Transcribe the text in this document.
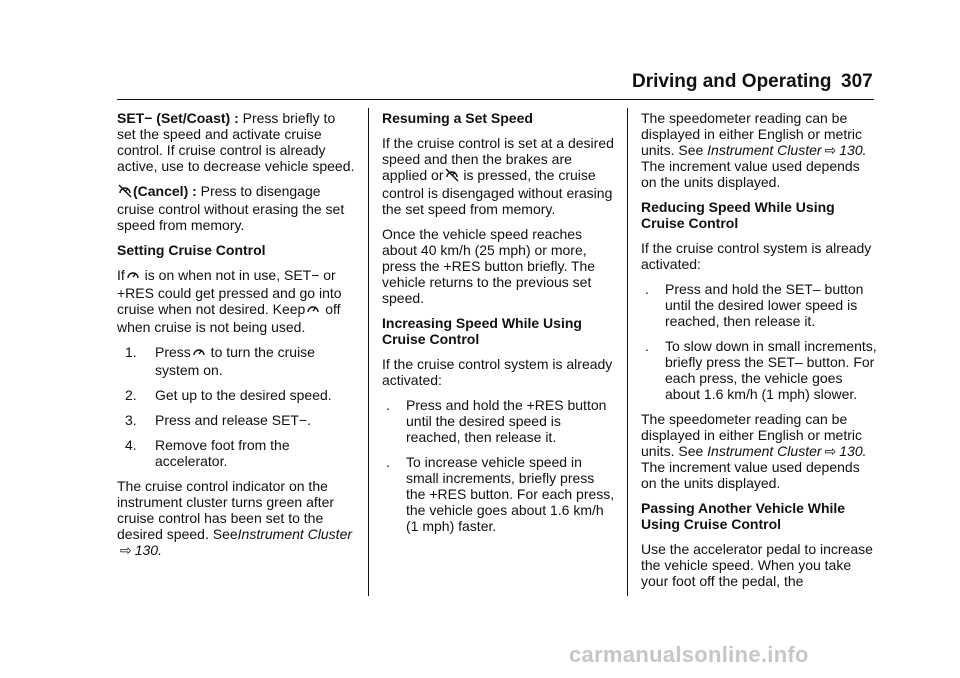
Driving and Operating 307

SET− (Set/Coast) : Press briefly to set the speed and activate cruise control. If cruise control is already active, use to decrease vehicle speed.

(Cancel) : Press to disengage cruise control without erasing the set speed from memory.

Setting Cruise Control

If is on when not in use, SET− or +RES could get pressed and go into cruise when not desired. Keep off when cruise is not being used.

1. Press to turn the cruise system on.
2. Get up to the desired speed.
3. Press and release SET−.
4. Remove foot from the accelerator.

The cruise control indicator on the instrument cluster turns green after cruise control has been set to the desired speed. SeeInstrument Cluster⇨ 130.

Resuming a Set Speed

If the cruise control is set at a desired speed and then the brakes are applied or is pressed, the cruise control is disengaged without erasing the set speed from memory.

Once the vehicle speed reaches about 40 km/h (25 mph) or more, press the +RES button briefly. The vehicle returns to the previous set speed.

Increasing Speed While Using Cruise Control

If the cruise control system is already activated:

. Press and hold the +RES button until the desired speed is reached, then release it.
. To increase vehicle speed in small increments, briefly press the +RES button. For each press, the vehicle goes about 1.6 km/h (1 mph) faster.

The speedometer reading can be displayed in either English or metric units. See Instrument Cluster ⇨ 130. The increment value used depends on the units displayed.

Reducing Speed While Using Cruise Control

If the cruise control system is already activated:

. Press and hold the SET– button until the desired lower speed is reached, then release it.
. To slow down in small increments, briefly press the SET– button. For each press, the vehicle goes about 1.6 km/h (1 mph) slower.

The speedometer reading can be displayed in either English or metric units. See Instrument Cluster ⇨ 130. The increment value used depends on the units displayed.

Passing Another Vehicle While Using Cruise Control

Use the accelerator pedal to increase the vehicle speed. When you take your foot off the pedal, the

carmanualsonline.info
